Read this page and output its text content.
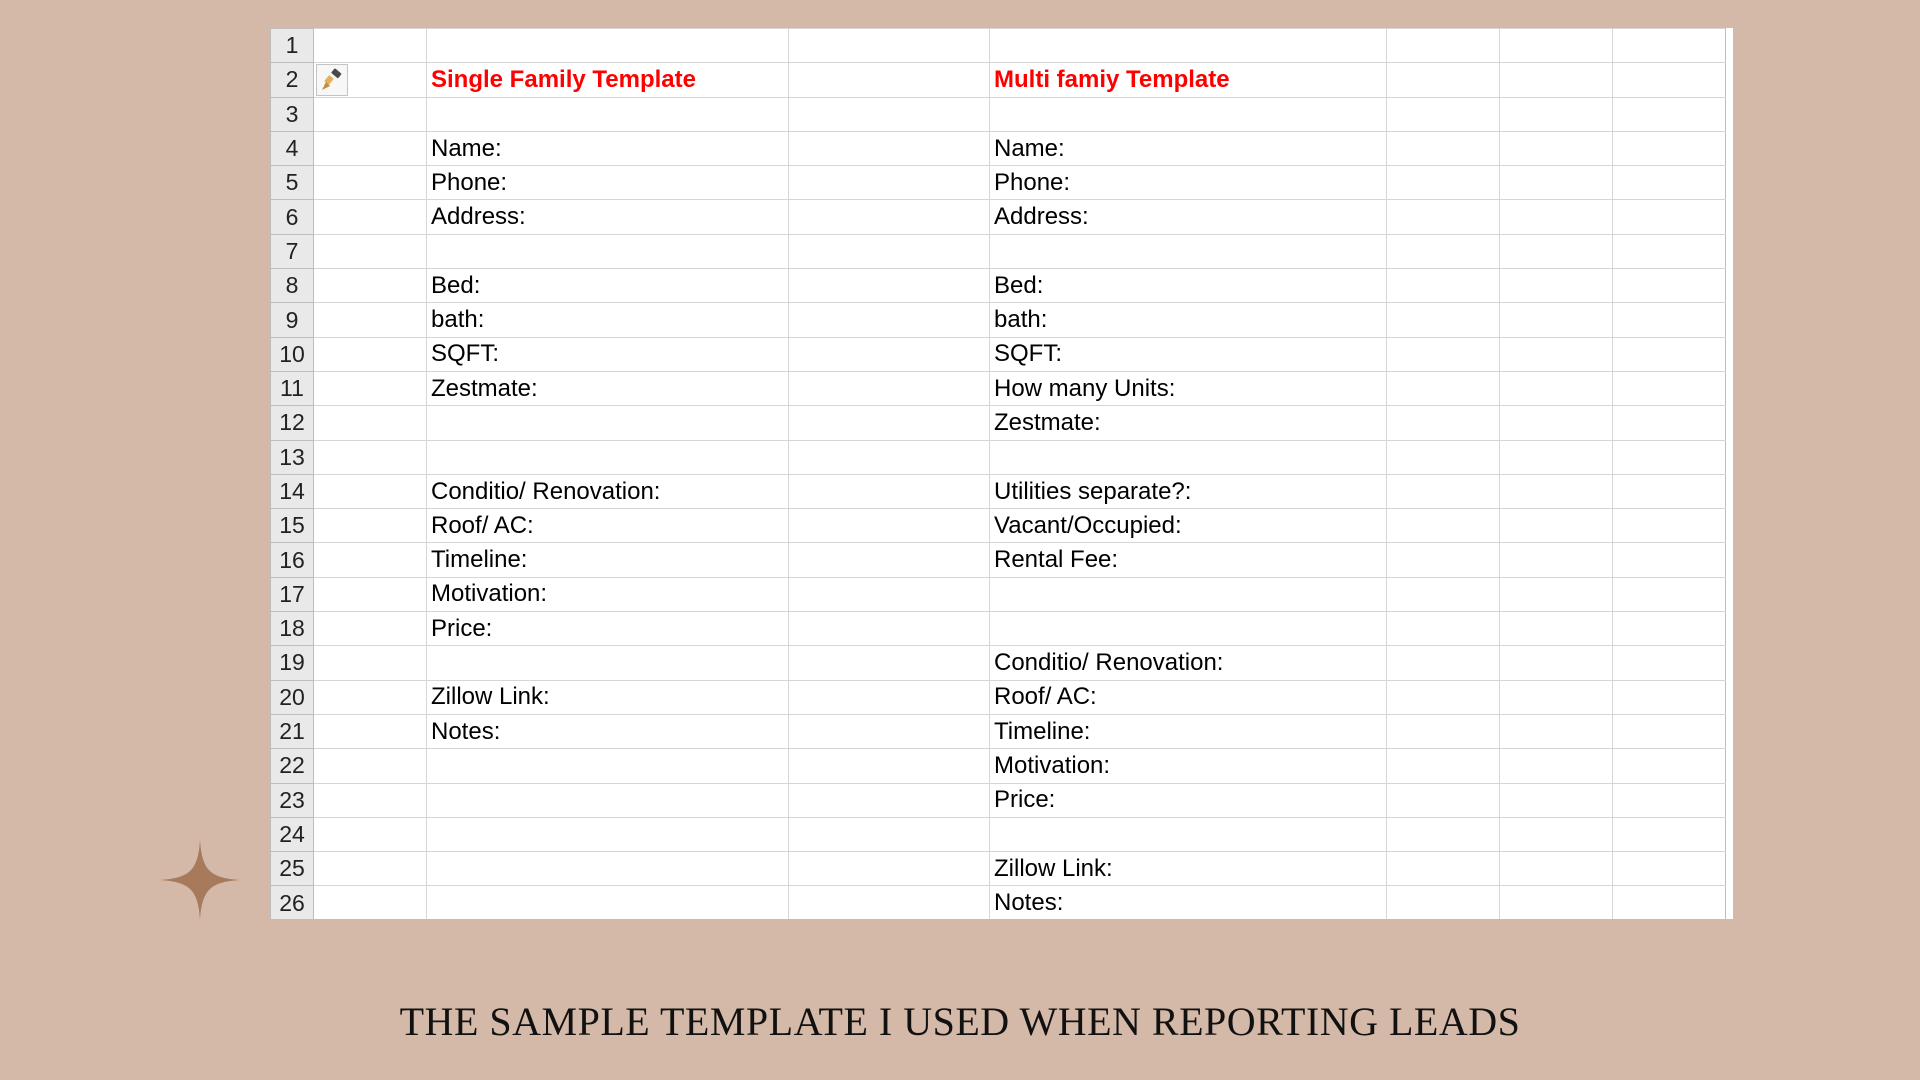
1							
2		Single Family Template		Multi famiy Template			
3							
4		Name:		Name:			
5		Phone:		Phone:			
6		Address:		Address:			
7							
8		Bed:		Bed:			
9		bath:		bath:			
10		SQFT:		SQFT:			
11		Zestmate:		How many Units:			
12				Zestmate:			
13							
14		Conditio/ Renovation:		Utilities separate?:			
15		Roof/ AC:		Vacant/Occupied:			
16		Timeline:		Rental Fee:			
17		Motivation:					
18		Price:					
19				Conditio/ Renovation:			
20		Zillow Link:		Roof/ AC:			
21		Notes:		Timeline:			
22				Motivation:			
23				Price:			
24							
25				Zillow Link:			
26				Notes:			
THE SAMPLE TEMPLATE I USED WHEN REPORTING LEADS
